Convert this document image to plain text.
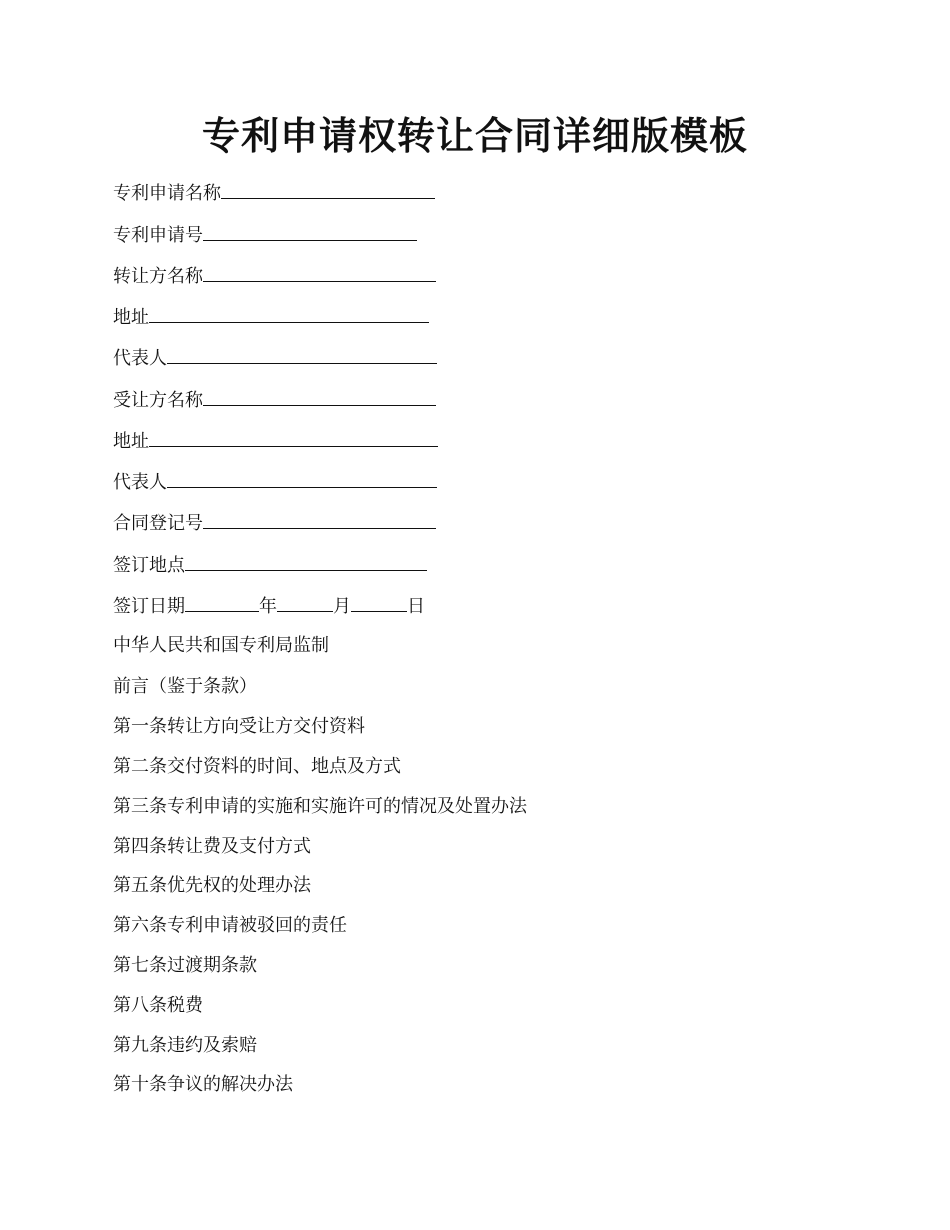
专利申请权转让合同详细版模板
专利申请名称
专利申请号
转让方名称
地址
代表人
受让方名称
地址
代表人
合同登记号
签订地点
签订日期	年	月	日
中华人民共和国专利局监制
前言（鉴于条款）
第一条转让方向受让方交付资料
第二条交付资料的时间、地点及方式
第三条专利申请的实施和实施许可的情况及处置办法
第四条转让费及支付方式
第五条优先权的处理办法
第六条专利申请被驳回的责任
第七条过渡期条款
第八条税费
第九条违约及索赔
第十条争议的解决办法
